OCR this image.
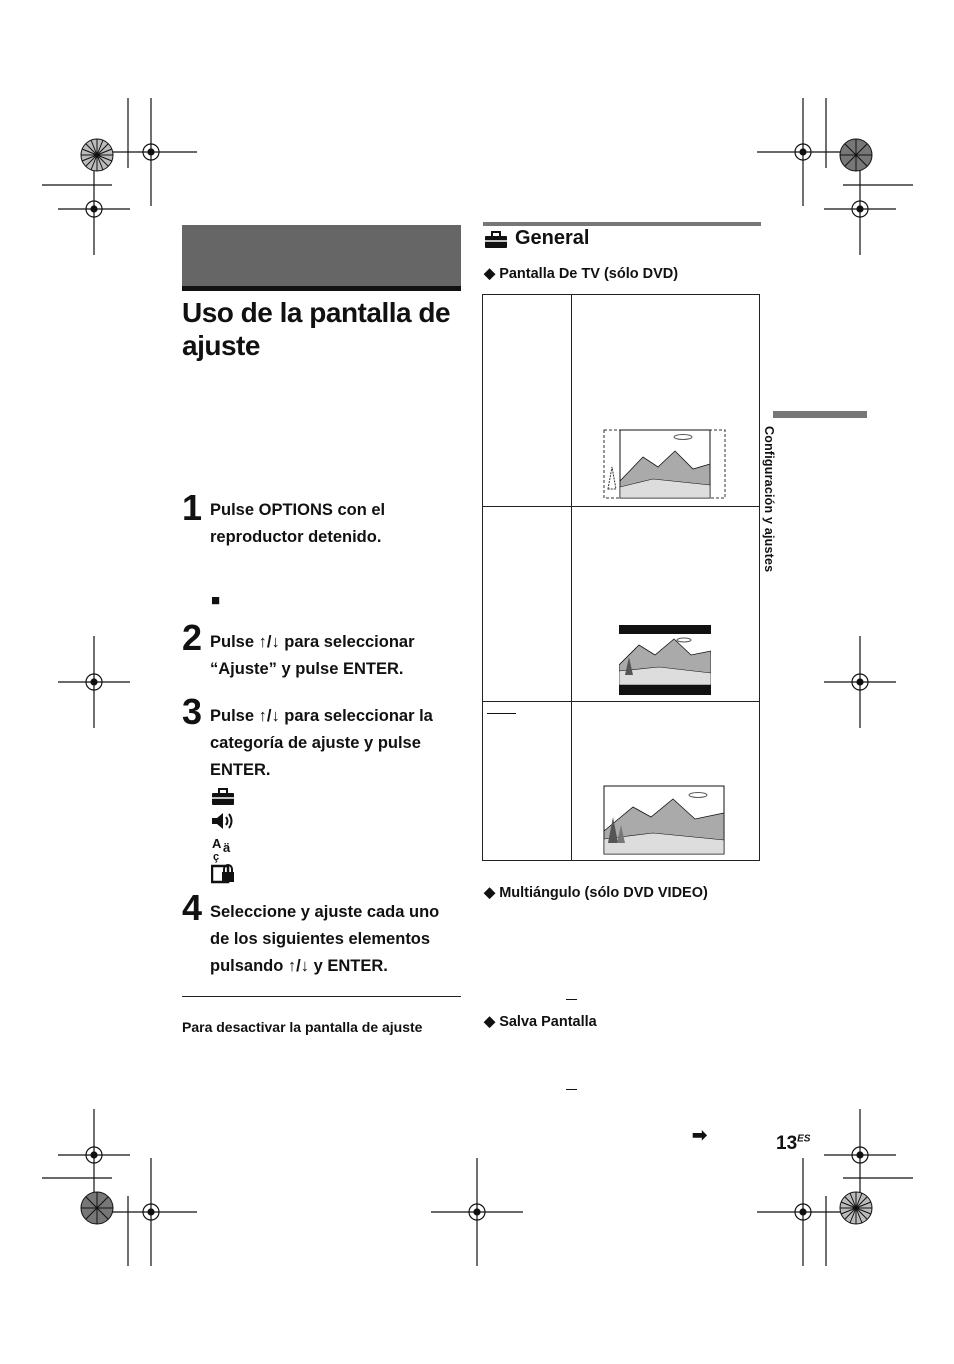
Uso de la pantalla de ajuste
1 Pulse OPTIONS con el reproductor detenido.
■
2 Pulse ↑/↓ para seleccionar “Ajuste” y pulse ENTER.
3 Pulse ↑/↓ para seleccionar la categoría de ajuste y pulse ENTER.
A ä
ç
4 Seleccione y ajuste cada uno de los siguientes elementos pulsando ↑/↓ y ENTER.
Para desactivar la pantalla de ajuste
General
◆ Pantalla De TV (sólo DVD)
◆ Multiángulo (sólo DVD VIDEO)
◆ Salva Pantalla
➡
Configuración y ajustes
$13^{ES}$
